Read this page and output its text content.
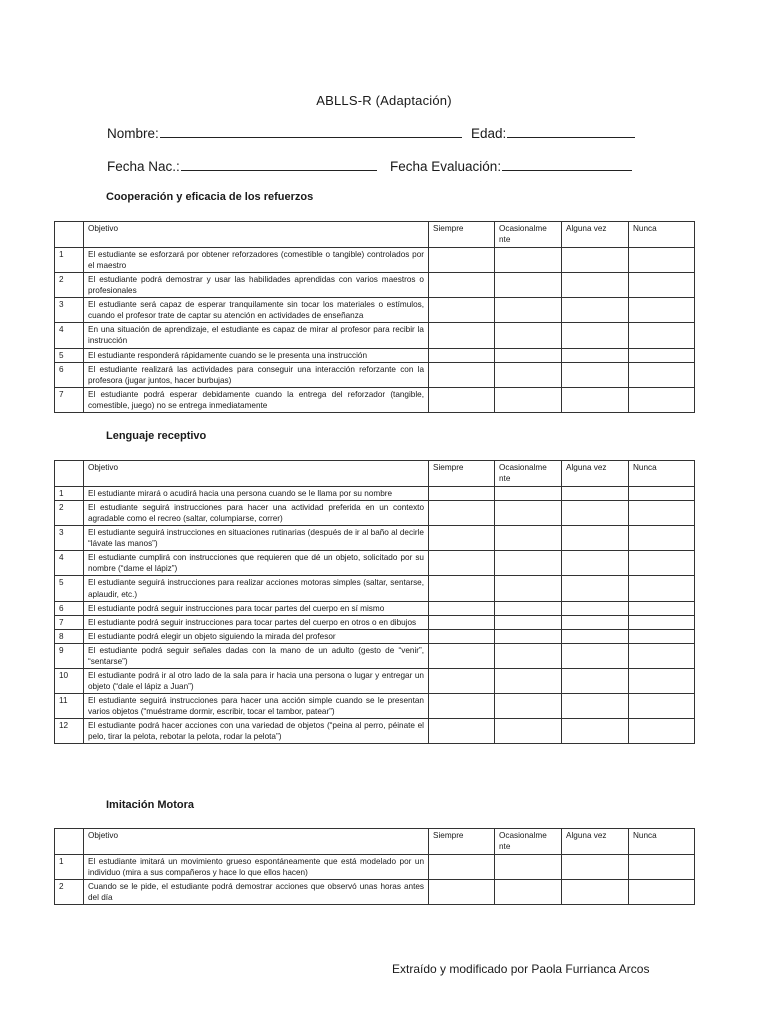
ABLLS-R (Adaptación)
Nombre:	Edad:
Fecha Nac.:	Fecha Evaluación:
Cooperación y eficacia de los refuerzos
	Objetivo	Siempre	Ocasionalme nte	Alguna vez	Nunca
1	El estudiante se esforzará por obtener reforzadores (comestible o tangible) controlados por el maestro				
2	El estudiante podrá demostrar y usar las habilidades aprendidas con varios maestros o profesionales				
3	El estudiante será capaz de esperar tranquilamente sin tocar los materiales o estímulos, cuando el profesor trate de captar su atención en actividades de enseñanza				
4	En una situación de aprendizaje, el estudiante es capaz de mirar al profesor para recibir la instrucción				
5	El estudiante responderá rápidamente cuando se le presenta una instrucción				
6	El estudiante realizará las actividades para conseguir una interacción reforzante con la profesora (jugar juntos, hacer burbujas)				
7	El estudiante podrá esperar debidamente cuando la entrega del reforzador (tangible, comestible, juego) no se entrega inmediatamente				
Lenguaje receptivo
	Objetivo	Siempre	Ocasionalme nte	Alguna vez	Nunca
1	El estudiante mirará o acudirá hacia una persona cuando se le llama por su nombre				
2	El estudiante seguirá instrucciones para hacer una actividad preferida en un contexto agradable como el recreo (saltar, columpiarse, correr)				
3	El estudiante seguirá instrucciones en situaciones rutinarias (después de ir al baño al decirle “lávate las manos”)				
4	El estudiante cumplirá con instrucciones que requieren que dé un objeto, solicitado por su nombre (“dame el lápiz”)				
5	El estudiante seguirá instrucciones para realizar acciones motoras simples (saltar, sentarse, aplaudir, etc.)				
6	El estudiante podrá seguir instrucciones para tocar partes del cuerpo en sí mismo				
7	El estudiante podrá seguir instrucciones para tocar partes del cuerpo en otros o en dibujos				
8	El estudiante podrá elegir un objeto siguiendo la mirada del profesor				
9	El estudiante podrá seguir señales dadas con la mano de un adulto (gesto de “venir”, “sentarse”)				
10	El estudiante podrá ir al otro lado de la sala para ir hacia una persona o lugar y entregar un objeto (“dale el lápiz a Juan”)				
11	El estudiante seguirá instrucciones para hacer una acción simple cuando se le presentan varios objetos (“muéstrame dormir, escribir, tocar el tambor, patear”)				
12	El estudiante podrá hacer acciones con una variedad de objetos (“peina al perro, péinate el pelo, tirar la pelota, rebotar la pelota, rodar la pelota”)				
Imitación Motora
	Objetivo	Siempre	Ocasionalme nte	Alguna vez	Nunca
1	El estudiante imitará un movimiento grueso espontáneamente que está modelado por un individuo (mira a sus compañeros y hace lo que ellos hacen)				
2	Cuando se le pide, el estudiante podrá demostrar acciones que observó unas horas antes del día				
Extraído y modificado por Paola Furrianca Arcos
